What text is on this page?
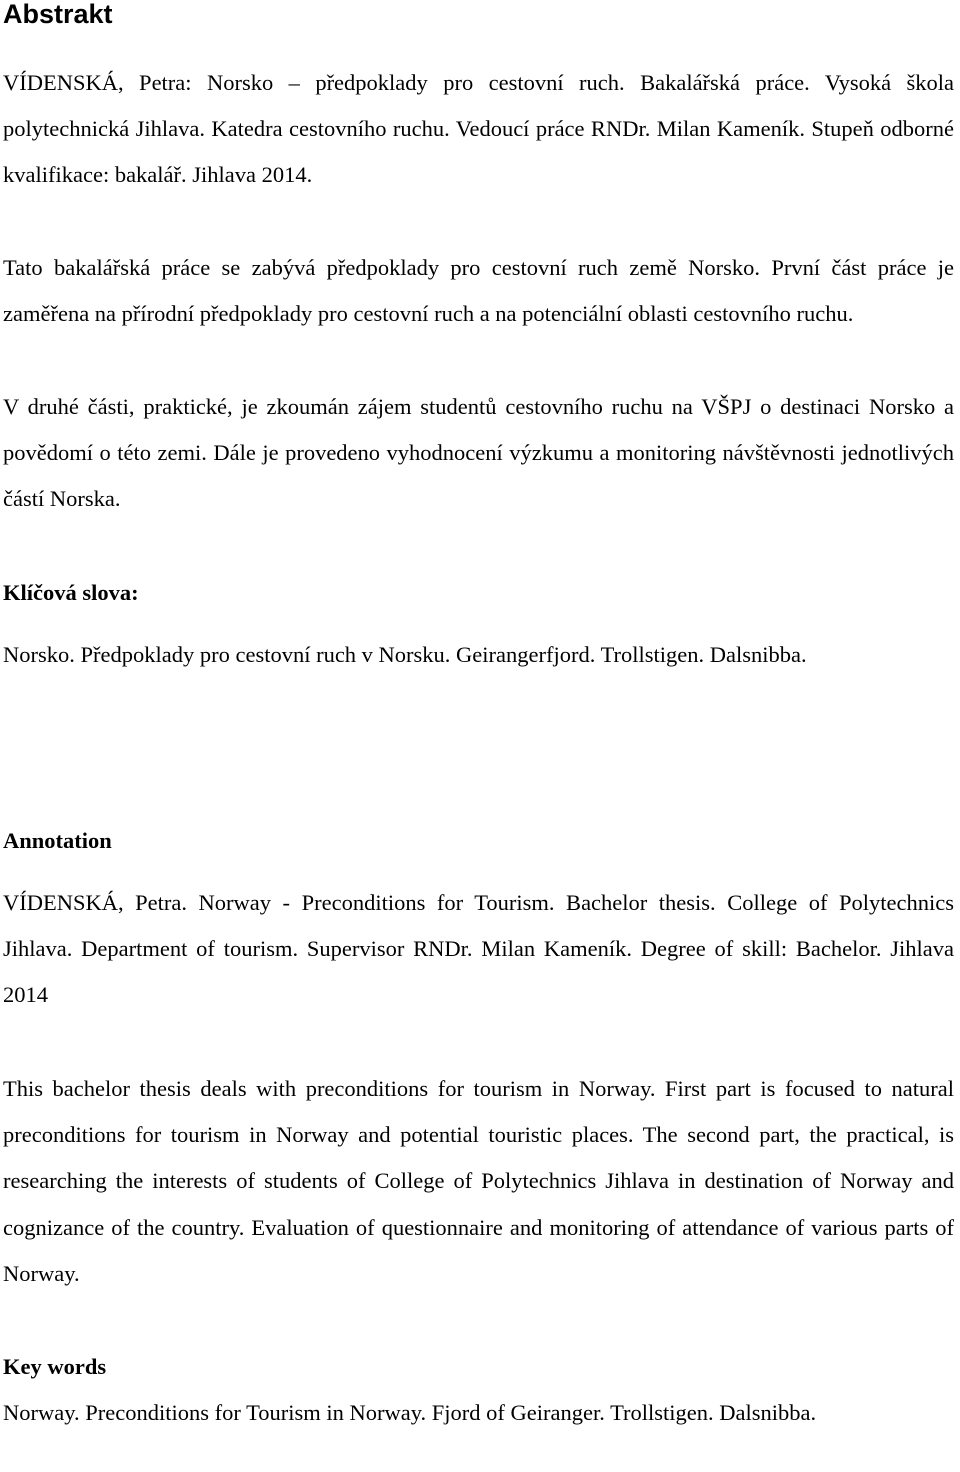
Abstrakt

VÍDENSKÁ, Petra: Norsko – předpoklady pro cestovní ruch. Bakalářská práce. Vysoká škola polytechnická Jihlava. Katedra cestovního ruchu. Vedoucí práce RNDr. Milan Kameník. Stupeň odborné kvalifikace: bakalář. Jihlava 2014.

Tato bakalářská práce se zabývá předpoklady pro cestovní ruch země Norsko. První část práce je zaměřena na přírodní předpoklady pro cestovní ruch a na potenciální oblasti cestovního ruchu.

V druhé části, praktické, je zkoumán zájem studentů cestovního ruchu na VŠPJ o destinaci Norsko a povědomí o této zemi. Dále je provedeno vyhodnocení výzkumu a monitoring návštěvnosti jednotlivých částí Norska.

Klíčová slova:

Norsko. Předpoklady pro cestovní ruch v Norsku. Geirangerfjord. Trollstigen. Dalsnibba.

Annotation

VÍDENSKÁ, Petra. Norway - Preconditions for Tourism. Bachelor thesis. College of Polytechnics Jihlava. Department of tourism. Supervisor RNDr. Milan Kameník. Degree of skill: Bachelor. Jihlava 2014

This bachelor thesis deals with preconditions for tourism in Norway. First part is focused to natural preconditions for tourism in Norway and potential touristic places. The second part, the practical, is researching the interests of students of College of Polytechnics Jihlava in destination of Norway and cognizance of the country. Evaluation of questionnaire and monitoring of attendance of various parts of Norway.

Key words

Norway. Preconditions for Tourism in Norway. Fjord of Geiranger. Trollstigen. Dalsnibba.
